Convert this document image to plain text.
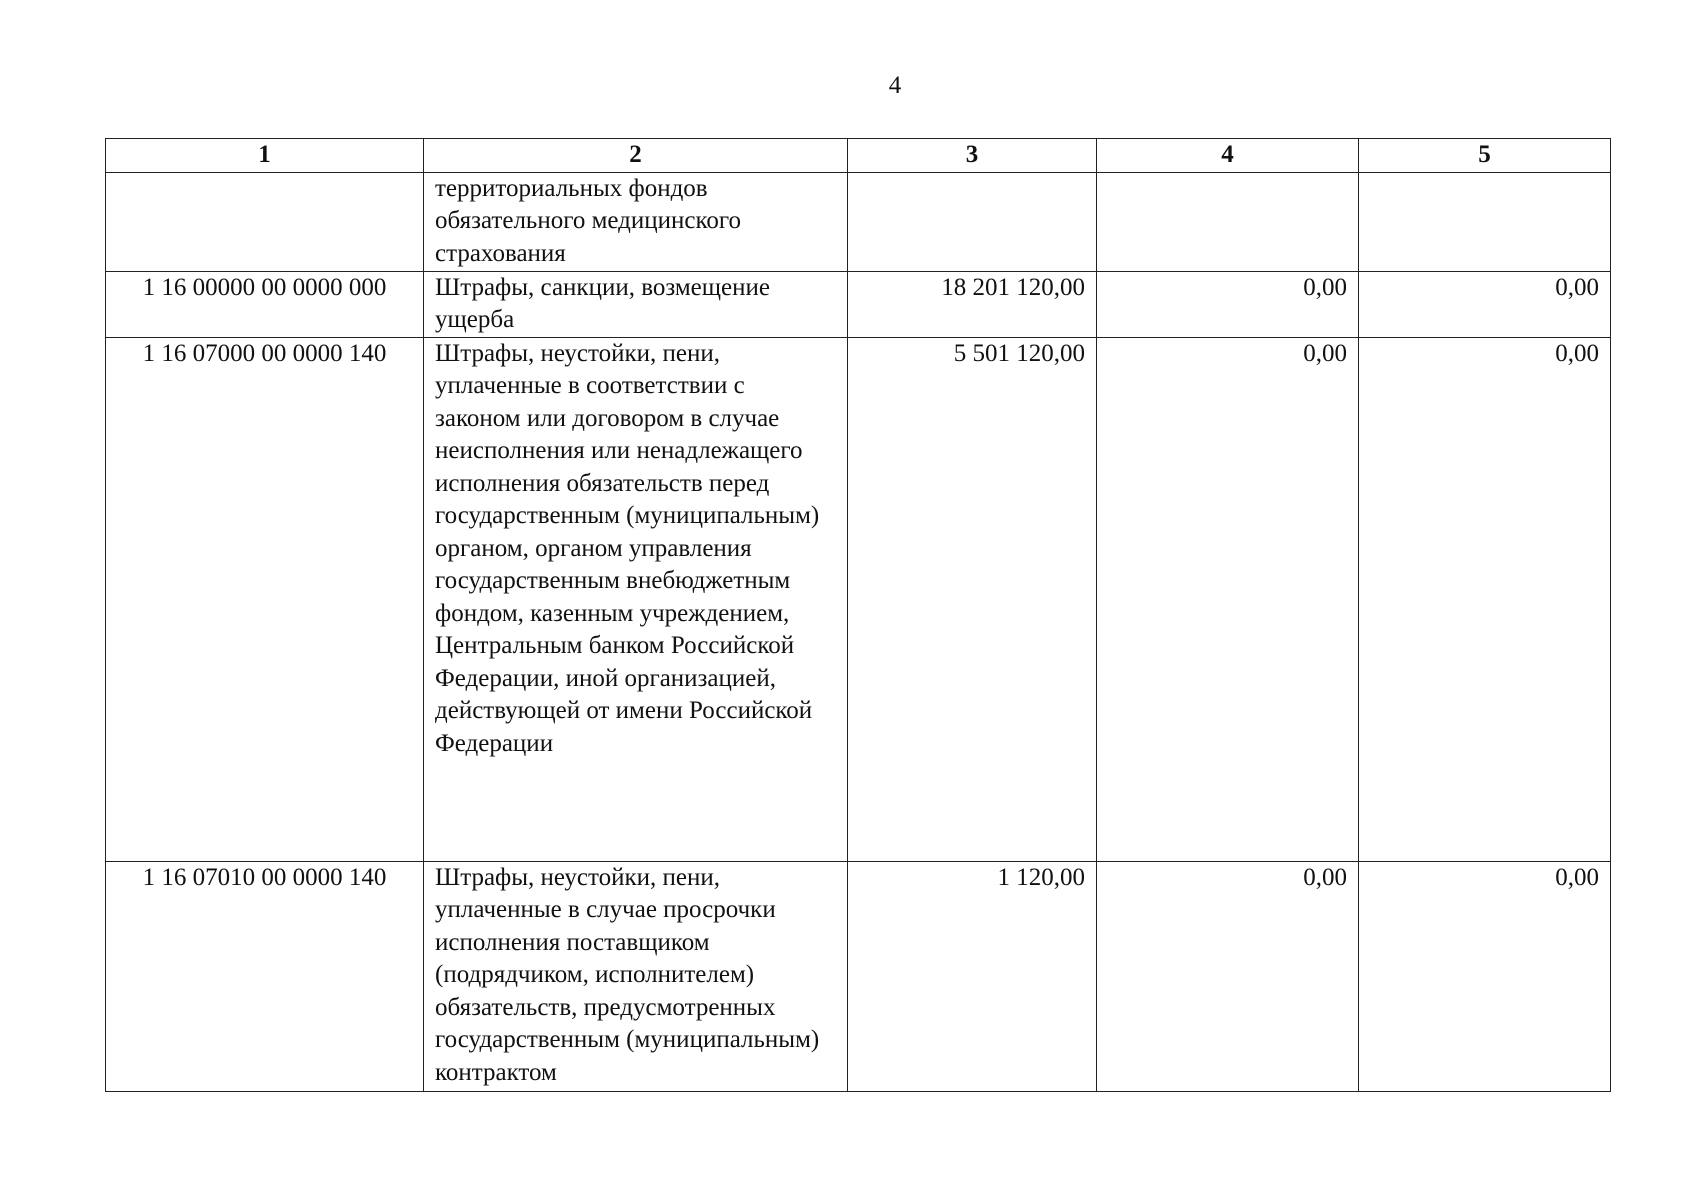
4
1	2	3	4	5
	территориальных фондов обязательного медицинского страхования			
1 16 00000 00 0000 000	Штрафы, санкции, возмещение ущерба	18 201 120,00	0,00	0,00
1 16 07000 00 0000 140	Штрафы, неустойки, пени, уплаченные в соответствии с законом или договором в случае неисполнения или ненадлежащего исполнения обязательств перед государственным (муниципальным) органом, органом управления государственным внебюджетным фондом, казенным учреждением, Центральным банком Российской Федерации, иной организацией, действующей от имени Российской Федерации	5 501 120,00	0,00	0,00
1 16 07010 00 0000 140	Штрафы, неустойки, пени, уплаченные в случае просрочки исполнения поставщиком (подрядчиком, исполнителем) обязательств, предусмотренных государственным (муниципальным) контрактом	1 120,00	0,00	0,00
